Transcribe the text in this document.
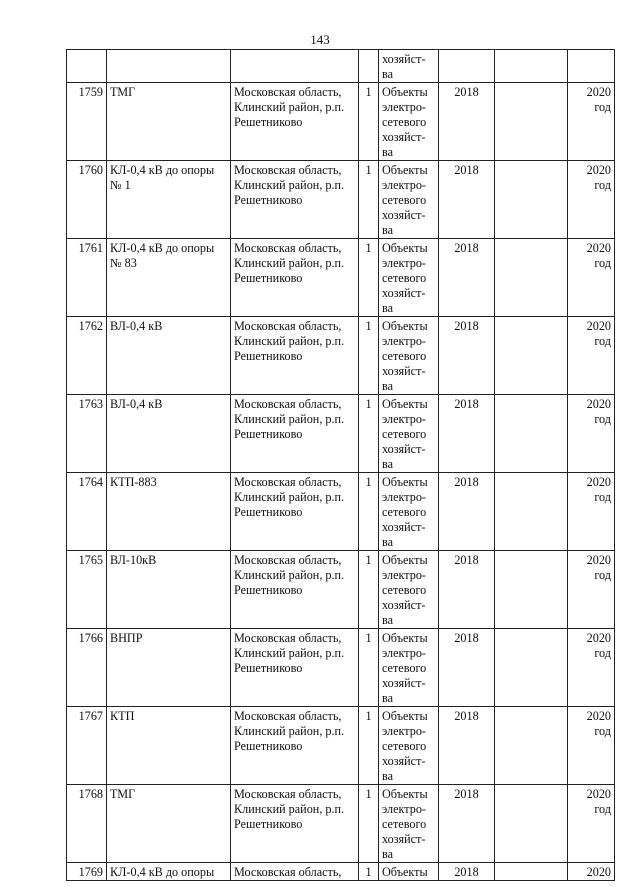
143
				хозяйст-
ва			
1759	ТМГ	Московская область, Клинский район, р.п. Решетниково	1	Объекты
электро-
сетевого
хозяйст-
ва	2018		2020 год
1760	КЛ-0,4 кВ до опоры № 1	Московская область, Клинский район, р.п. Решетниково	1	Объекты
электро-
сетевого
хозяйст-
ва	2018		2020 год
1761	КЛ-0,4 кВ до опоры № 83	Московская область, Клинский район, р.п. Решетниково	1	Объекты
электро-
сетевого
хозяйст-
ва	2018		2020 год
1762	ВЛ-0,4 кВ	Московская область, Клинский район, р.п. Решетниково	1	Объекты
электро-
сетевого
хозяйст-
ва	2018		2020 год
1763	ВЛ-0,4 кВ	Московская область, Клинский район, р.п. Решетниково	1	Объекты
электро-
сетевого
хозяйст-
ва	2018		2020 год
1764	КТП-883	Московская область, Клинский район, р.п. Решетниково	1	Объекты
электро-
сетевого
хозяйст-
ва	2018		2020 год
1765	ВЛ-10кВ	Московская область, Клинский район, р.п. Решетниково	1	Объекты
электро-
сетевого
хозяйст-
ва	2018		2020 год
1766	ВНПР	Московская область, Клинский район, р.п. Решетниково	1	Объекты
электро-
сетевого
хозяйст-
ва	2018		2020 год
1767	КТП	Московская область, Клинский район, р.п. Решетниково	1	Объекты
электро-
сетевого
хозяйст-
ва	2018		2020 год
1768	ТМГ	Московская область, Клинский район, р.п. Решетниково	1	Объекты
электро-
сетевого
хозяйст-
ва	2018		2020 год
1769	КЛ-0,4 кВ до опоры	Московская область,	1	Объекты	2018		2020
